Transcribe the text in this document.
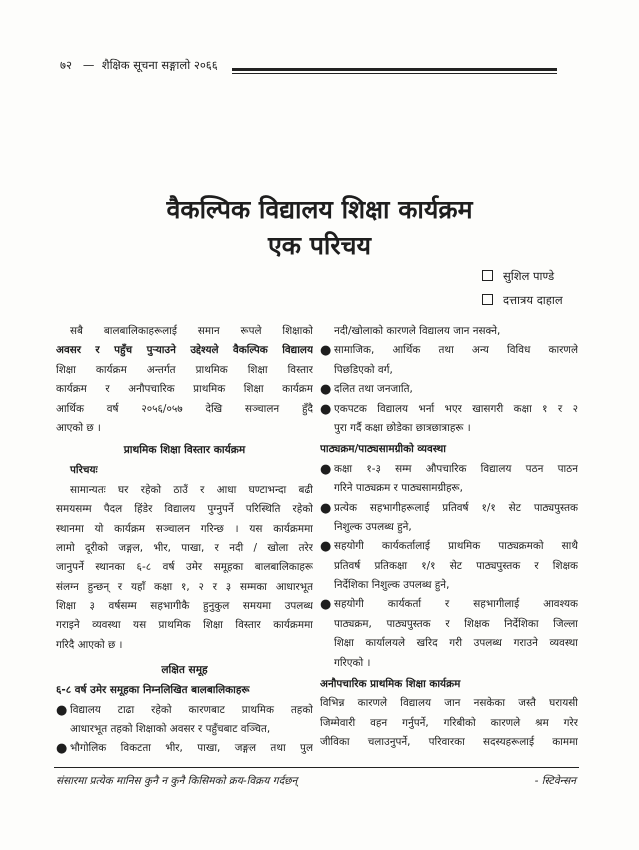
७२   —  शैक्षिक सूचना सङ्गालो २०६६
वैकल्पिक विद्यालय शिक्षा कार्यक्रम
एक परिचय
सुशिल पाण्डे
दत्तात्रय दाहाल
सबै बालबालिकाहरूलाई समान रूपले शिक्षाको
अवसर र पहुँच पुऱ्याउने उद्देश्यले वैकल्पिक विद्यालय
शिक्षा कार्यक्रम अन्तर्गत प्राथमिक शिक्षा विस्तार
कार्यक्रम र अनौपचारिक प्राथमिक शिक्षा कार्यक्रम
आर्थिक वर्ष २०५६/०५७ देखि सञ्चालन हुँदै
आएको छ ।
प्राथमिक शिक्षा विस्तार कार्यक्रम
परिचयः
सामान्यतः घर रहेको ठाउँ र आधा घण्टाभन्दा बढी
समयसम्म पैदल हिंडेर विद्यालय पुग्नुपर्ने परिस्थिति रहेको
स्थानमा यो कार्यक्रम सञ्चालन गरिन्छ । यस कार्यक्रममा
लामो दूरीको जङ्गल, भीर, पाखा, र नदी / खोला तरेर
जानुपर्ने स्थानका ६-८ वर्ष उमेर समूहका बालबालिकाहरू
संलग्न हुन्छन् र यहाँ कक्षा १, २ र ३ सम्मका आधारभूत
शिक्षा ३ वर्षसम्म सहभागीकै हुनुकुल समयमा उपलब्ध
गराइने व्यवस्था यस प्राथमिक शिक्षा विस्तार कार्यक्रममा
गरिदै आएको छ ।
लक्षित समूह
६-८ वर्ष उमेर समूहका निम्नलिखित बालबालिकाहरू
● विद्यालय टाढा रहेको कारणबाट प्राथमिक तहको
आधारभूत तहको शिक्षाको अवसर र पहुँचबाट वञ्चित,
● भौगोलिक विकटता भीर, पाखा, जङ्गल तथा पुल
नदी/खोलाको कारणले विद्यालय जान नसक्ने,
● सामाजिक, आर्थिक तथा अन्य विविध कारणले
पिछडिएको वर्ग,
● दलित तथा जनजाति,
● एकपटक विद्यालय भर्ना भएर खासगरी कक्षा १ र २
पुरा गर्दै कक्षा छोडेका छात्रछात्राहरू ।
पाठ्यक्रम/पाठ्यसामग्रीको व्यवस्था
● कक्षा १-३ सम्म औपचारिक विद्यालय पठन पाठन
गरिने पाठ्यक्रम र पाठ्यसामग्रीहरू,
● प्रत्येक सहभागीहरूलाई प्रतिवर्ष १/१ सेट पाठ्यपुस्तक
निशुल्क उपलब्ध हुने,
● सहयोगी कार्यकर्तालाई प्राथमिक पाठ्यक्रमको साथै
प्रतिवर्ष प्रतिकक्षा १/१ सेट पाठ्यपुस्तक र शिक्षक
निर्देशिका निशुल्क उपलब्ध हुने,
● सहयोगी कार्यकर्ता र सहभागीलाई आवश्यक
पाठ्यक्रम, पाठ्यपुस्तक र शिक्षक निर्देशिका जिल्ला
शिक्षा कार्यालयले खरिद गरी उपलब्ध गराउने व्यवस्था
गरिएको ।
अनौपचारिक प्राथमिक शिक्षा कार्यक्रम
विभिन्न कारणले विद्यालय जान नसकेका जस्तै घरायसी
जिम्मेवारी वहन गर्नुपर्ने, गरिबीको कारणले श्रम गरेर
जीविका चलाउनुपर्ने, परिवारका सदस्यहरूलाई काममा
संसारमा प्रत्येक मानिस कुनै न कुनै किसिमको क्रय-विक्रय गर्दछन्	- स्टिवेन्सन
